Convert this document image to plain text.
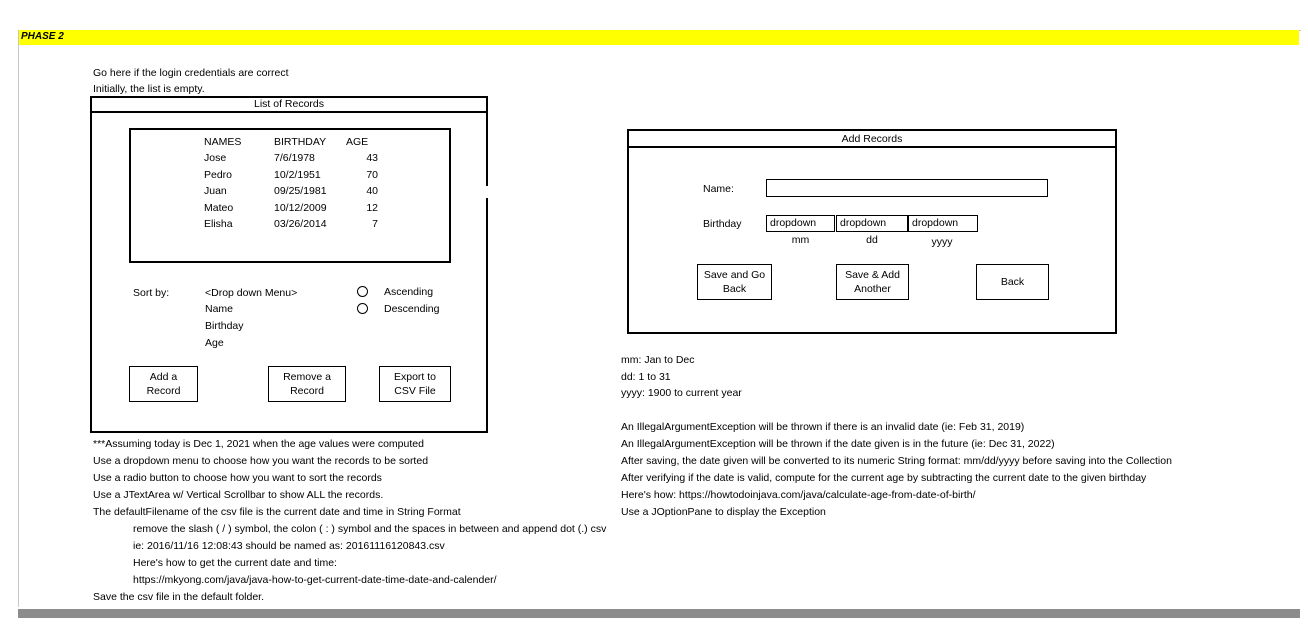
PHASE 2
Go here if the login credentials are correct
Initially, the list is empty.
List of Records
NAMES	BIRTHDAY AGE
Jose	7/6/1978	43
Pedro	10/2/1951	70
Juan	09/25/1981	40
Mateo	10/12/2009	12
Elisha	03/26/2014	7
Sort by:	<Drop down Menu>
Name
Birthday
Age
Ascending
Descending
Add a
Record
Remove a
Record
Export to
CSV File
Add Records
Name:
Birthday	dropdown	dropdown	dropdown
mm	dd	yyyy
Save and Go
Back
Save & Add
Another
Back
mm: Jan to Dec
dd: 1 to 31
yyyy: 1900 to current year
An IllegalArgumentException will be thrown if there is an invalid date (ie: Feb 31, 2019)
An IllegalArgumentException will be thrown if the date given is in the future (ie: Dec 31, 2022)
After saving, the date given will be converted to its numeric String format: mm/dd/yyyy before saving into the Collection
After verifying if the date is valid, compute for the current age by subtracting the current date to the given birthday
Here's how: https://howtodoinjava.com/java/calculate-age-from-date-of-birth/
Use a JOptionPane to display the Exception
***Assuming today is Dec 1, 2021 when the age values were computed
Use a dropdown menu to choose how you want the records to be sorted
Use a radio button to choose how you want to sort the records
Use a JTextArea w/ Vertical Scrollbar to show ALL the records.
The defaultFilename of the csv file is the current date and time in String Format
remove the slash ( / ) symbol, the colon ( : ) symbol and the spaces in between and append dot (.) csv
ie: 2016/11/16 12:08:43 should be named as: 20161116120843.csv
Here's how to get the current date and time:
https://mkyong.com/java/java-how-to-get-current-date-time-date-and-calender/
Save the csv file in the default folder.
